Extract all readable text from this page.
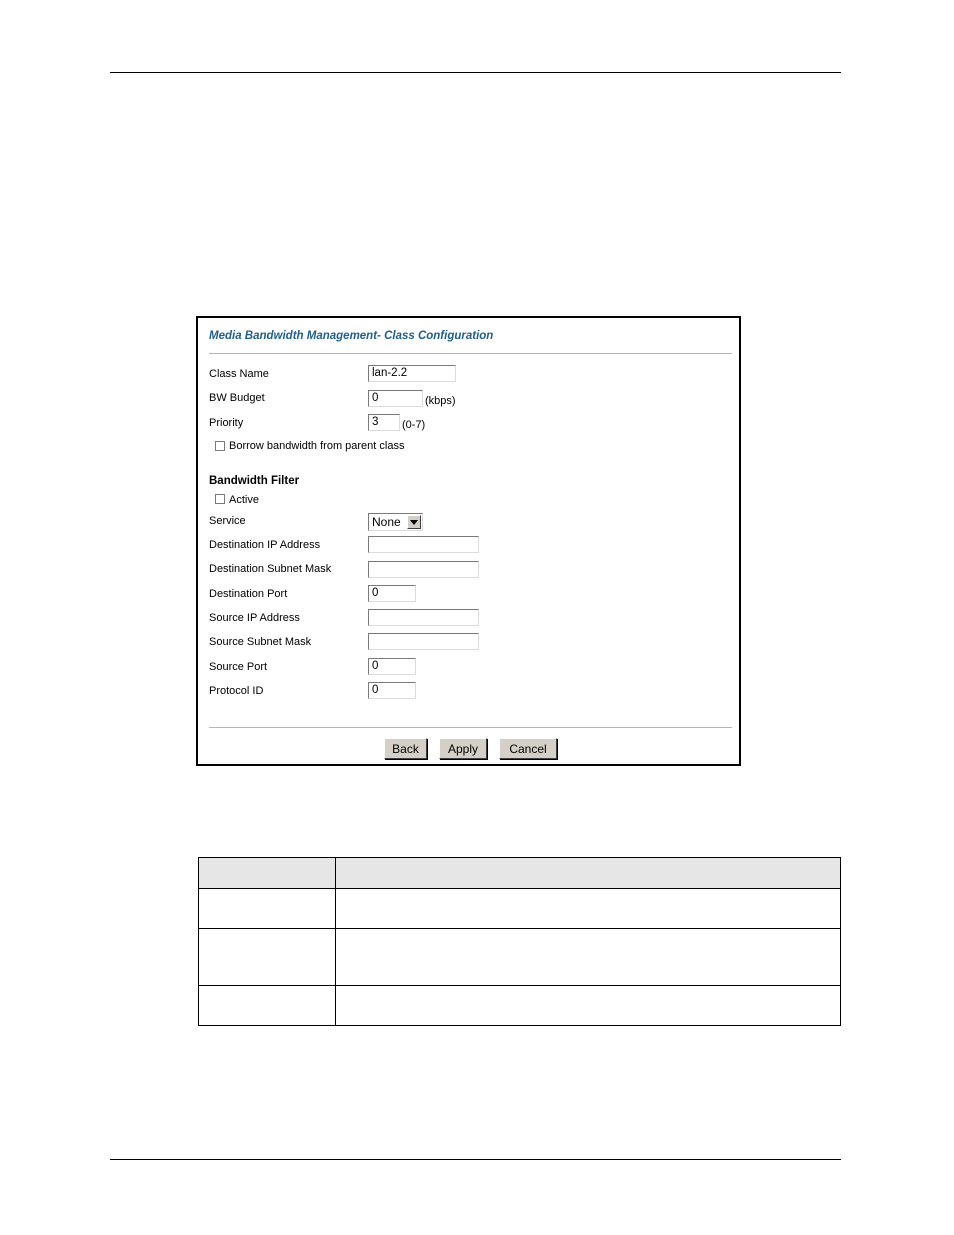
Media Bandwidth Management- Class Configuration
Class Name	lan-2.2
BW Budget	0	(kbps)
Priority	3	(0-7)
Borrow bandwidth from parent class
Bandwidth Filter
Active
Service	None
Destination IP Address
Destination Subnet Mask
Destination Port	0
Source IP Address
Source Subnet Mask
Source Port	0
Protocol ID	0
Back	Apply	Cancel
